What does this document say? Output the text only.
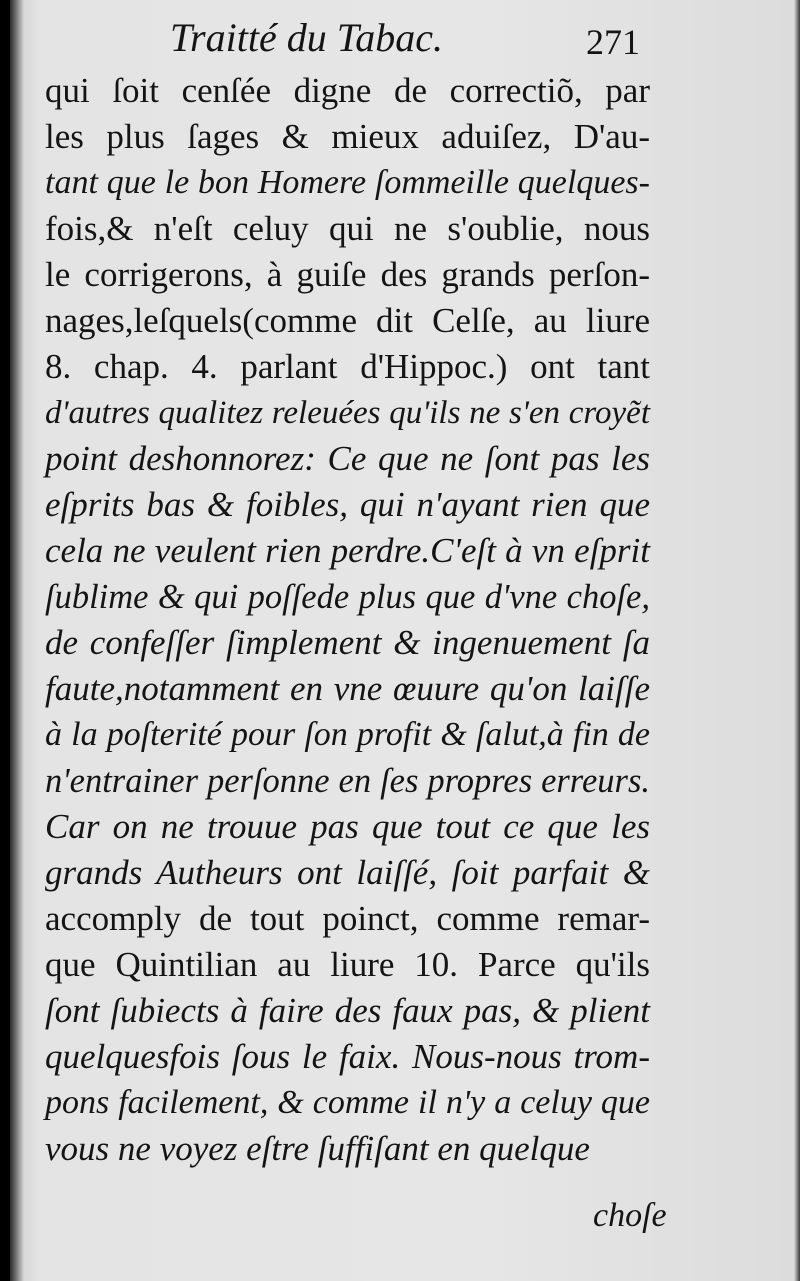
Traitté du Tabac.	271
qui ſoit cenſée digne de correctiõ, par
les plus ſages & mieux aduiſez, D'au-
tant que le bon Homere ſommeille quelques-
fois,& n'eſt celuy qui ne s'oublie, nous
le corrigerons, à guiſe des grands perſon-
nages,leſquels(comme dit Celſe, au liure
8. chap. 4. parlant d'Hippoc.) ont tant
d'autres qualitez releuées qu'ils ne s'en croyẽt
point deshonnorez: Ce que ne ſont pas les
eſprits bas & foibles, qui n'ayant rien que
cela ne veulent rien perdre.C'eſt à vn eſprit
ſublime & qui poſſede plus que d'vne choſe,
de confeſſer ſimplement & ingenuement ſa
faute,notamment en vne œuure qu'on laiſſe
à la poſterité pour ſon profit & ſalut,à fin de
n'entrainer perſonne en ſes propres erreurs.
Car on ne trouue pas que tout ce que les
grands Autheurs ont laiſſé, ſoit parfait &
accomply de tout poinct, comme remar-
que Quintilian au liure 10. Parce qu'ils
ſont ſubiects à faire des faux pas, & plient
quelquesfois ſous le faix. Nous-nous trom-
pons facilement, & comme il n'y a celuy que
vous ne voyez eſtre ſuffiſant en quelque
choſe
